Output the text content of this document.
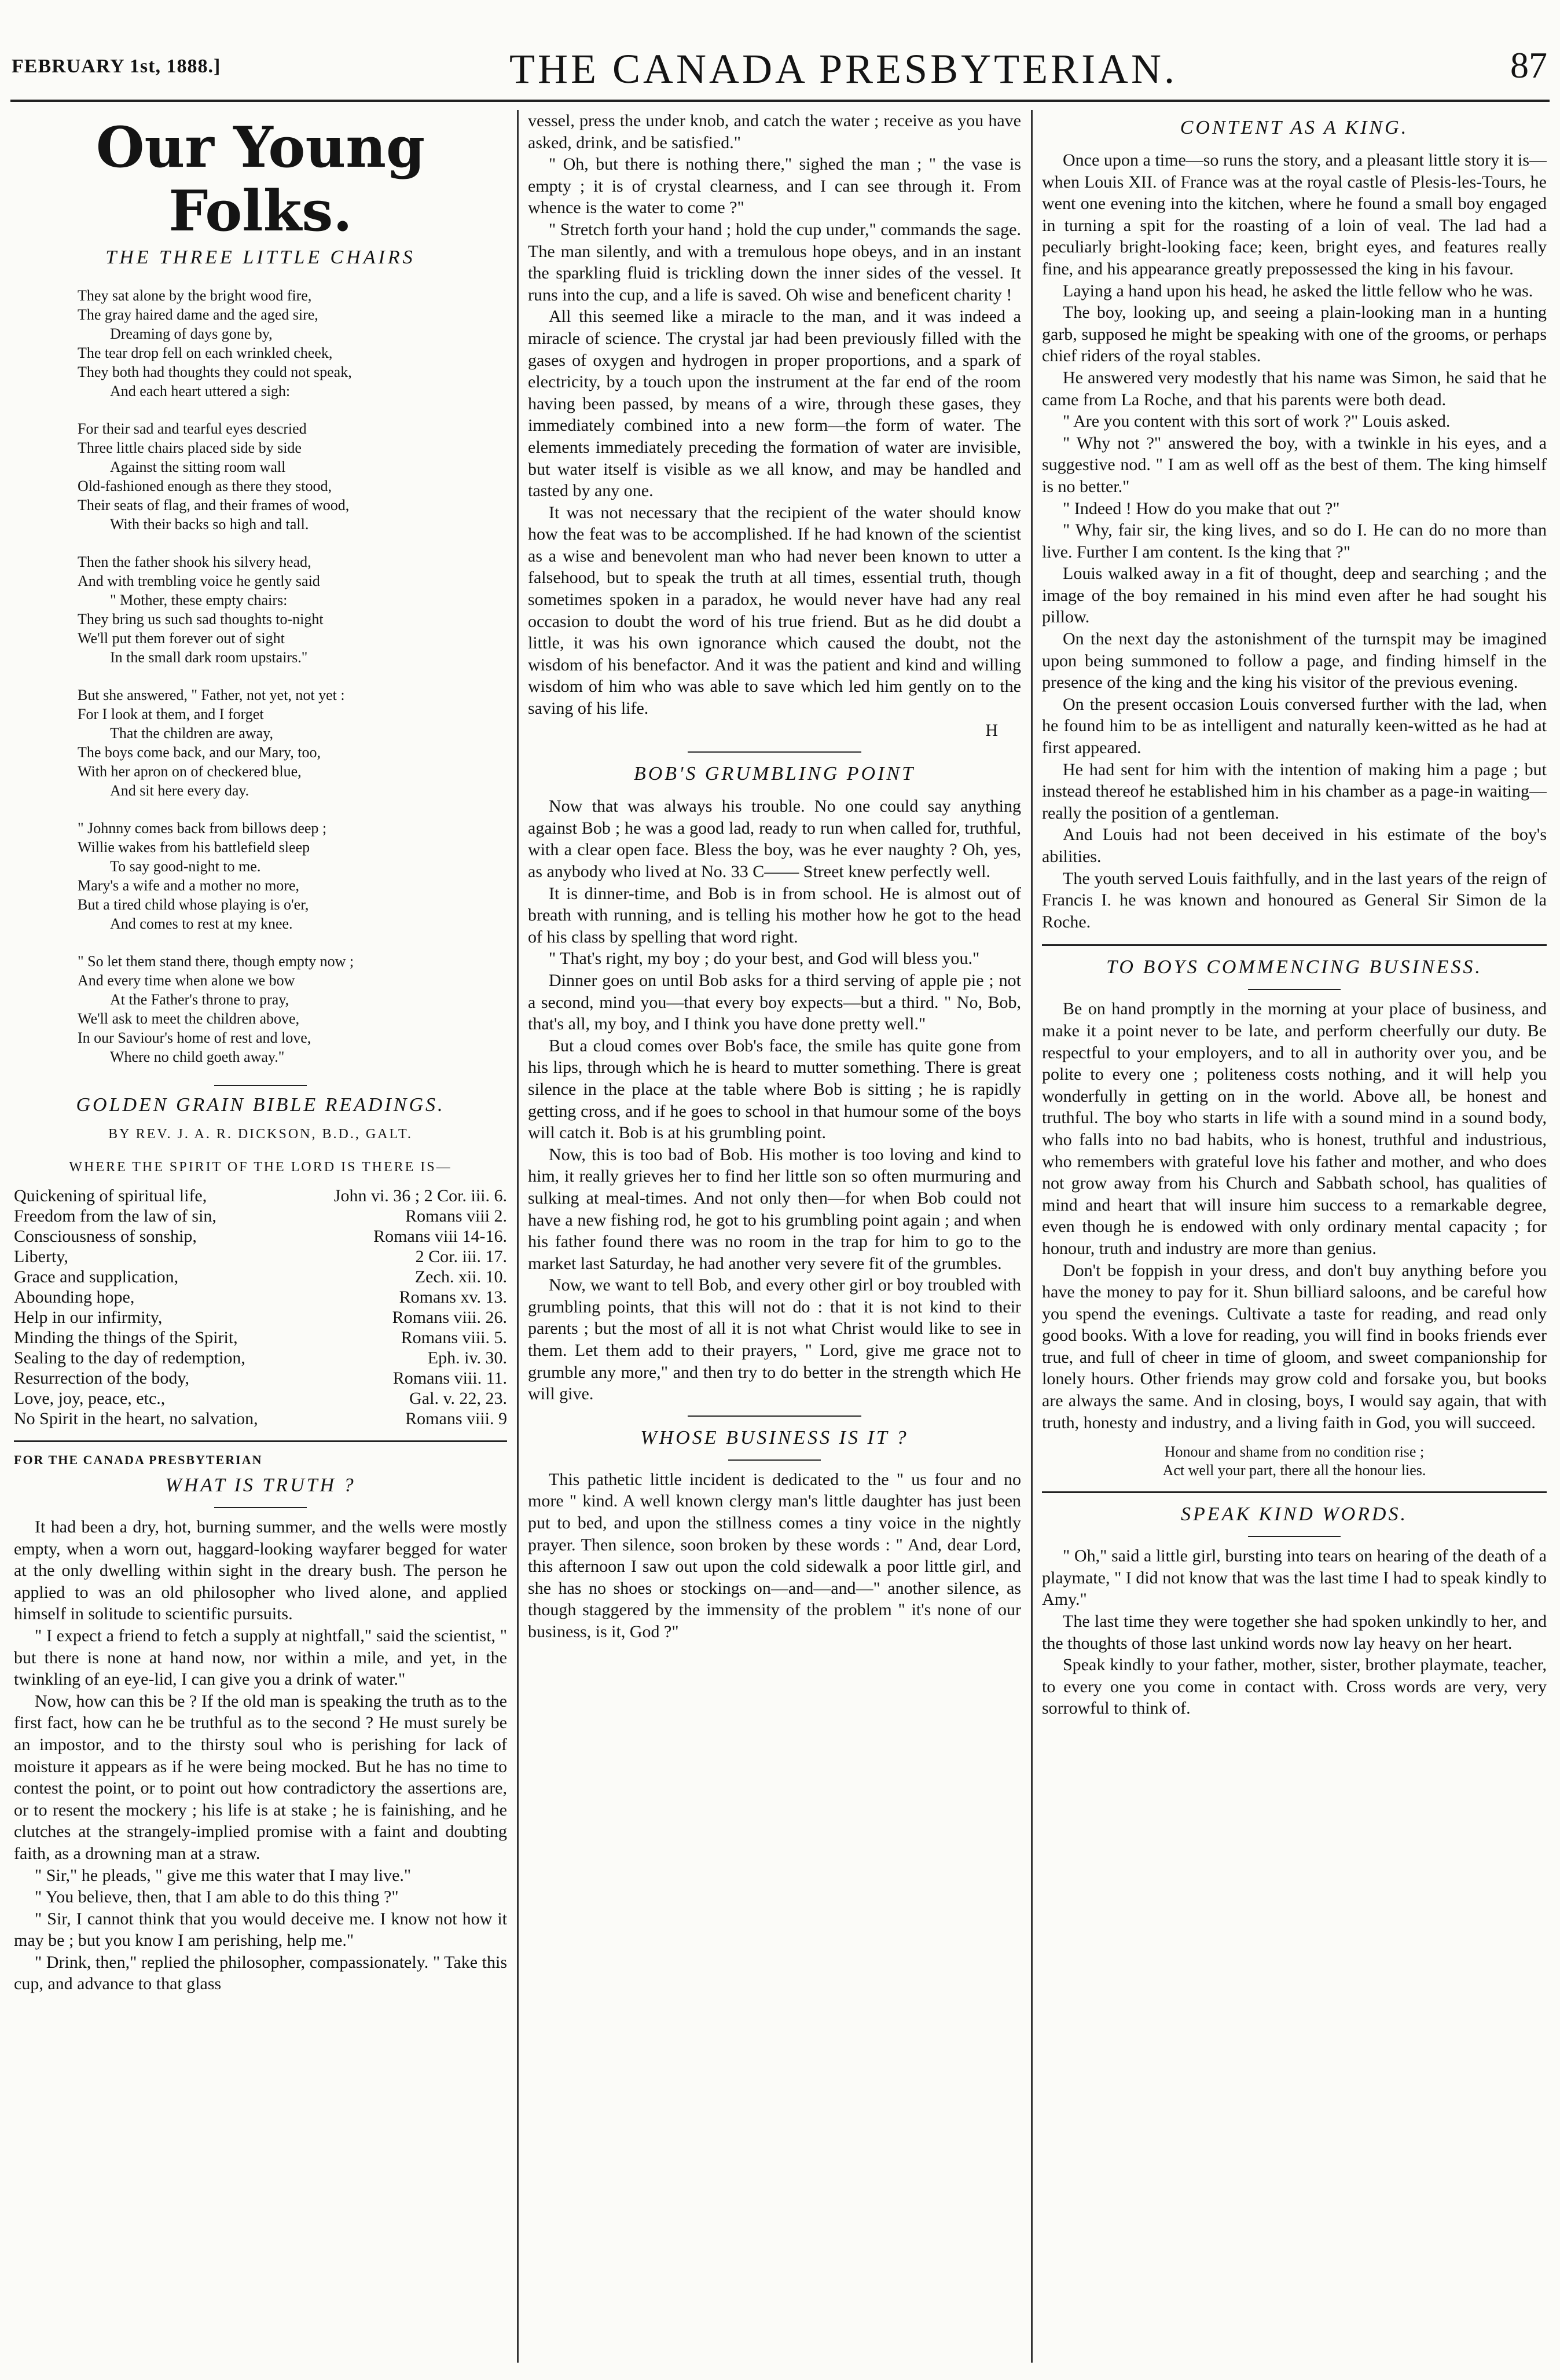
FEBRUARY 1st, 1888.]	THE CANADA PRESBYTERIAN.	87
Our Young Folks.
THE THREE LITTLE CHAIRS
They sat alone by the bright wood fire,
The gray haired dame and the aged sire,
Dreaming of days gone by,
The tear drop fell on each wrinkled cheek,
They both had thoughts they could not speak,
And each heart uttered a sigh:
For their sad and tearful eyes descried
Three little chairs placed side by side
Against the sitting room wall
Old-fashioned enough as there they stood,
Their seats of flag, and their frames of wood,
With their backs so high and tall.
Then the father shook his silvery head,
And with trembling voice he gently said
" Mother, these empty chairs:
They bring us such sad thoughts to-night
We'll put them forever out of sight
In the small dark room upstairs."
But she answered, " Father, not yet, not yet :
For I look at them, and I forget
That the children are away,
The boys come back, and our Mary, too,
With her apron on of checkered blue,
And sit here every day.
" Johnny comes back from billows deep ;
Willie wakes from his battlefield sleep
To say good-night to me.
Mary's a wife and a mother no more,
But a tired child whose playing is o'er,
And comes to rest at my knee.
" So let them stand there, though empty now ;
And every time when alone we bow
At the Father's throne to pray,
We'll ask to meet the children above,
In our Saviour's home of rest and love,
Where no child goeth away."
GOLDEN GRAIN BIBLE READINGS.
BY REV. J. A. R. DICKSON, B.D., GALT.
WHERE THE SPIRIT OF THE LORD IS THERE IS—
Quickening of spiritual life,	John vi. 36 ; 2 Cor. iii. 6.
Freedom from the law of sin,	Romans viii 2.
Consciousness of sonship,	Romans viii 14-16.
Liberty,	2 Cor. iii. 17.
Grace and supplication,	Zech. xii. 10.
Abounding hope,	Romans xv. 13.
Help in our infirmity,	Romans viii. 26.
Minding the things of the Spirit,	Romans viii. 5.
Sealing to the day of redemption,	Eph. iv. 30.
Resurrection of the body,	Romans viii. 11.
Love, joy, peace, etc.,	Gal. v. 22, 23.
No Spirit in the heart, no salvation,	Romans viii. 9
FOR THE CANADA PRESBYTERIAN
WHAT IS TRUTH ?

It had been a dry, hot, burning summer, and the wells were mostly empty, when a worn out, haggard-looking wayfarer begged for water at the only dwelling within sight in the dreary bush. The person he applied to was an old philosopher who lived alone, and applied himself in solitude to scientific pursuits.

" I expect a friend to fetch a supply at nightfall," said the scientist, " but there is none at hand now, nor within a mile, and yet, in the twinkling of an eye-lid, I can give you a drink of water."

Now, how can this be ? If the old man is speaking the truth as to the first fact, how can he be truthful as to the second ? He must surely be an impostor, and to the thirsty soul who is perishing for lack of moisture it appears as if he were being mocked. But he has no time to contest the point, or to point out how contradictory the assertions are, or to resent the mockery ; his life is at stake ; he is fainishing, and he clutches at the strangely-implied promise with a faint and doubting faith, as a drowning man at a straw.

" Sir," he pleads, " give me this water that I may live."

" You believe, then, that I am able to do this thing ?"

" Sir, I cannot think that you would deceive me. I know not how it may be ; but you know I am perishing, help me."

" Drink, then," replied the philosopher, compassionately. " Take this cup, and advance to that glass

vessel, press the under knob, and catch the water ; receive as you have asked, drink, and be satisfied."

" Oh, but there is nothing there," sighed the man ; " the vase is empty ; it is of crystal clearness, and I can see through it. From whence is the water to come ?"

" Stretch forth your hand ; hold the cup under," commands the sage. The man silently, and with a tremulous hope obeys, and in an instant the sparkling fluid is trickling down the inner sides of the vessel. It runs into the cup, and a life is saved. Oh wise and beneficent charity !

All this seemed like a miracle to the man, and it was indeed a miracle of science. The crystal jar had been previously filled with the gases of oxygen and hydrogen in proper proportions, and a spark of electricity, by a touch upon the instrument at the far end of the room having been passed, by means of a wire, through these gases, they immediately combined into a new form—the form of water. The elements immediately preceding the formation of water are invisible, but water itself is visible as we all know, and may be handled and tasted by any one.

It was not necessary that the recipient of the water should know how the feat was to be accomplished. If he had known of the scientist as a wise and benevolent man who had never been known to utter a falsehood, but to speak the truth at all times, essential truth, though sometimes spoken in a paradox, he would never have had any real occasion to doubt the word of his true friend. But as he did doubt a little, it was his own ignorance which caused the doubt, not the wisdom of his benefactor. And it was the patient and kind and willing wisdom of him who was able to save which led him gently on to the saving of his life.

H
BOB'S GRUMBLING POINT

Now that was always his trouble. No one could say anything against Bob ; he was a good lad, ready to run when called for, truthful, with a clear open face. Bless the boy, was he ever naughty ? Oh, yes, as anybody who lived at No. 33 C—— Street knew perfectly well.

It is dinner-time, and Bob is in from school. He is almost out of breath with running, and is telling his mother how he got to the head of his class by spelling that word right.

" That's right, my boy ; do your best, and God will bless you."

Dinner goes on until Bob asks for a third serving of apple pie ; not a second, mind you—that every boy expects—but a third. " No, Bob, that's all, my boy, and I think you have done pretty well."

But a cloud comes over Bob's face, the smile has quite gone from his lips, through which he is heard to mutter something. There is great silence in the place at the table where Bob is sitting ; he is rapidly getting cross, and if he goes to school in that humour some of the boys will catch it. Bob is at his grumbling point.

Now, this is too bad of Bob. His mother is too loving and kind to him, it really grieves her to find her little son so often murmuring and sulking at meal-times. And not only then—for when Bob could not have a new fishing rod, he got to his grumbling point again ; and when his father found there was no room in the trap for him to go to the market last Saturday, he had another very severe fit of the grumbles.

Now, we want to tell Bob, and every other girl or boy troubled with grumbling points, that this will not do : that it is not kind to their parents ; but the most of all it is not what Christ would like to see in them. Let them add to their prayers, " Lord, give me grace not to grumble any more," and then try to do better in the strength which He will give.

WHOSE BUSINESS IS IT ?

This pathetic little incident is dedicated to the " us four and no more " kind. A well known clergy man's little daughter has just been put to bed, and upon the stillness comes a tiny voice in the nightly prayer. Then silence, soon broken by these words : " And, dear Lord, this afternoon I saw out upon the cold sidewalk a poor little girl, and she has no shoes or stockings on—and—and—" another silence, as though staggered by the immensity of the problem " it's none of our business, is it, God ?"

CONTENT AS A KING.

Once upon a time—so runs the story, and a pleasant little story it is—when Louis XII. of France was at the royal castle of Plesis-les-Tours, he went one evening into the kitchen, where he found a small boy engaged in turning a spit for the roasting of a loin of veal. The lad had a peculiarly bright-looking face; keen, bright eyes, and features really fine, and his appearance greatly prepossessed the king in his favour.

Laying a hand upon his head, he asked the little fellow who he was.

The boy, looking up, and seeing a plain-looking man in a hunting garb, supposed he might be speaking with one of the grooms, or perhaps chief riders of the royal stables.

He answered very modestly that his name was Simon, he said that he came from La Roche, and that his parents were both dead.

" Are you content with this sort of work ?" Louis asked.

" Why not ?" answered the boy, with a twinkle in his eyes, and a suggestive nod. " I am as well off as the best of them. The king himself is no better."

" Indeed ! How do you make that out ?"

" Why, fair sir, the king lives, and so do I. He can do no more than live. Further I am content. Is the king that ?"

Louis walked away in a fit of thought, deep and searching ; and the image of the boy remained in his mind even after he had sought his pillow.

On the next day the astonishment of the turnspit may be imagined upon being summoned to follow a page, and finding himself in the presence of the king and the king his visitor of the previous evening.

On the present occasion Louis conversed further with the lad, when he found him to be as intelligent and naturally keen-witted as he had at first appeared.

He had sent for him with the intention of making him a page ; but instead thereof he established him in his chamber as a page-in waiting—really the position of a gentleman.

And Louis had not been deceived in his estimate of the boy's abilities.

The youth served Louis faithfully, and in the last years of the reign of Francis I. he was known and honoured as General Sir Simon de la Roche.

TO BOYS COMMENCING BUSINESS.

Be on hand promptly in the morning at your place of business, and make it a point never to be late, and perform cheerfully our duty. Be respectful to your employers, and to all in authority over you, and be polite to every one ; politeness costs nothing, and it will help you wonderfully in getting on in the world. Above all, be honest and truthful. The boy who starts in life with a sound mind in a sound body, who falls into no bad habits, who is honest, truthful and industrious, who remembers with grateful love his father and mother, and who does not grow away from his Church and Sabbath school, has qualities of mind and heart that will insure him success to a remarkable degree, even though he is endowed with only ordinary mental capacity ; for honour, truth and industry are more than genius.

Don't be foppish in your dress, and don't buy anything before you have the money to pay for it. Shun billiard saloons, and be careful how you spend the evenings. Cultivate a taste for reading, and read only good books. With a love for reading, you will find in books friends ever true, and full of cheer in time of gloom, and sweet companionship for lonely hours. Other friends may grow cold and forsake you, but books are always the same. And in closing, boys, I would say again, that with truth, honesty and industry, and a living faith in God, you will succeed.

Honour and shame from no condition rise ;
Act well your part, there all the honour lies.
SPEAK KIND WORDS.

" Oh," said a little girl, bursting into tears on hearing of the death of a playmate, " I did not know that was the last time I had to speak kindly to Amy."

The last time they were together she had spoken unkindly to her, and the thoughts of those last unkind words now lay heavy on her heart.

Speak kindly to your father, mother, sister, brother playmate, teacher, to every one you come in contact with. Cross words are very, very sorrowful to think of.
